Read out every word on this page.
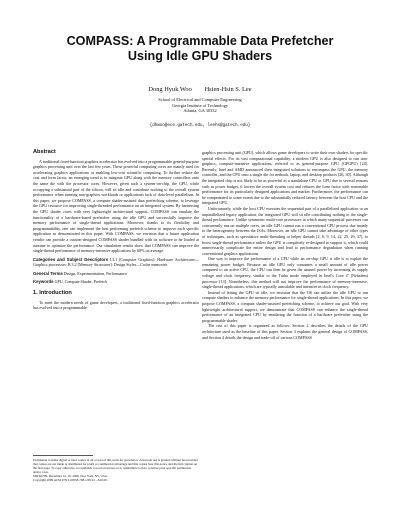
COMPASS: A Programmable Data Prefetcher
Using Idle GPU Shaders
Dong Hyuk Woo        Hsien-Hsin S. Lee
School of Electrical and Computer Engineering
Georgia Institute of Technology
Atlanta, GA 30332
{dhwoo@ece.gatech.edu, leehs@gatech.edu}
Abstract

A traditional fixed-function graphics accelerator has evolved into a programmable general-purpose graphics processing unit over the last few years. These powerful computing cores are mainly used for accelerating graphics applications or enabling low-cost scientific computing. To further reduce the cost and form factor, an emerging trend is to integrate GPU along with the memory controllers onto the same die with the processor cores. However, given such a system-on-chip, the GPU, while occupying a substantial part of the silicon, will sit idle and contribute nothing to the overall system performance when running non-graphics workloads or applications lack of data-level parallelism. In this paper, we propose COMPASS, a compute shader-assisted data prefetching scheme, to leverage the GPU resource for improving single-threaded performance on an integrated system. By harnessing the GPU shader cores with very lightweight architectural support, COMPASS can emulate the functionality of a hardware-based prefetcher using the idle GPU and successfully improve the memory performance of single-thread applications. Moreover, thanks to its flexibility and programmability, one can implement the best performing prefetch scheme to improve each specific application as demonstrated in this paper. With COMPASS, we envision that a future application vendor can provide a custom-designed COMPASS shader bundled with its software to be loaded at runtime to optimize the performance. Our simulation results show that COMPASS can improve the single-thread performance of memory-intensive applications by 68% on average.

Categories and Subject Descriptors I.3.1 [Computer Graphics]: Hardware Architecture—Graphics processors; B.3.2 [Memory Structures]: Design Styles—Cache memories

General Terms Design, Experimentation, Performance

Keywords GPU, Compute Shader, Prefetch

1. Introduction

To meet the modern needs of game developers, a traditional fixed-function graphics accelerator has evolved into a programmable

Permission to make digital or hard copies of all or part of this work for personal or classroom use is granted without fee provided that copies are not made or distributed for profit or commercial advantage and that copies bear this notice and the full citation on the first page. To copy otherwise, to republish, to post on servers or to redistribute to lists, requires prior specific permission and/or a fee.
MICRO'09, December 12–16, 2009, New York, NY, USA.
Copyright 2009 ACM 978-1-60558-798-1/09/12 ...$10.00.

graphics processing unit (GPU), which allows game developers to write their own shaders for specific special effects. For its vast computational capability, a modern GPU is also designed to run non-graphics, compute-intensive applications, referred to as general-purpose GPU (GPGPU) [24]. Recently, Intel and AMD announced their integrated solutions to encompass the GPU, the memory controller, and the CPU onto a single die for netbook, laptop, and desktop products [26, 30]. Although the integrated chip is not likely to be as powerful as a standalone CPU or GPU due to several reasons such as power budget, it lowers the overall system cost and reduces the form factor with reasonable performance for its particularly designed applications and market. Furthermore, the performance can be compensated to some extent due to the substantially reduced latency between the host CPU and the integrated GPU.

Unfortunately, while the host CPU executes the sequential part of a parallelized application or an unparallelized legacy application, the integrated GPU will sit idle contributing nothing to the single-thread performance. Unlike symmetric multi-core processors in which many sequential processes can concurrently run on multiple cores, an idle GPU cannot run a conventional CPU process due mainly to the heterogeneity between the ISAs. Moreover, an idle GPU cannot take advantage of other types of techniques, such as speculative multi-threading or helper threads [2, 6, 9, 14, 22, 25, 29, 37], to boost single-thread performance unless the GPU is completely re-designed to support it, which could unnecessarily complicate the entire design and lead to performance degradation when running conventional graphics applications.

One way to improve the performance of a CPU while an on-chip GPU is idle is to exploit the remaining power budget. Because an idle GPU only consumes a small amount of idle power compared to an active CPU, the CPU can then be given the unused power by increasing its supply voltage and clock frequency, similar to the Turbo mode employed in Intel's Core i7 (Nehalem) processor [13]. Nonetheless, this method will not improve the performance of memory-intensive, single-thread applications, which are typically unscalable and intensive in clock frequency.

Instead of letting the GPU sit idle, we envision that the OS can utilize the idle GPU to run compute shaders to enhance the memory performance for single-thread applications. In this paper, we propose COMPASS, a compute shader-assisted prefetching scheme, to achieve our goal. With very lightweight architectural support, we demonstrate that COMPASS can enhance the single-thread performance of an integrated CPU by emulating the function of a hardware prefetcher using the programmable shader.

The rest of this paper is organized as follows: Section 2 describes the details of the GPU architecture used as the baseline of this paper. Section 3 explains the general design of COMPASS, and Section 4 details the design and trade-off of various COMPASS
